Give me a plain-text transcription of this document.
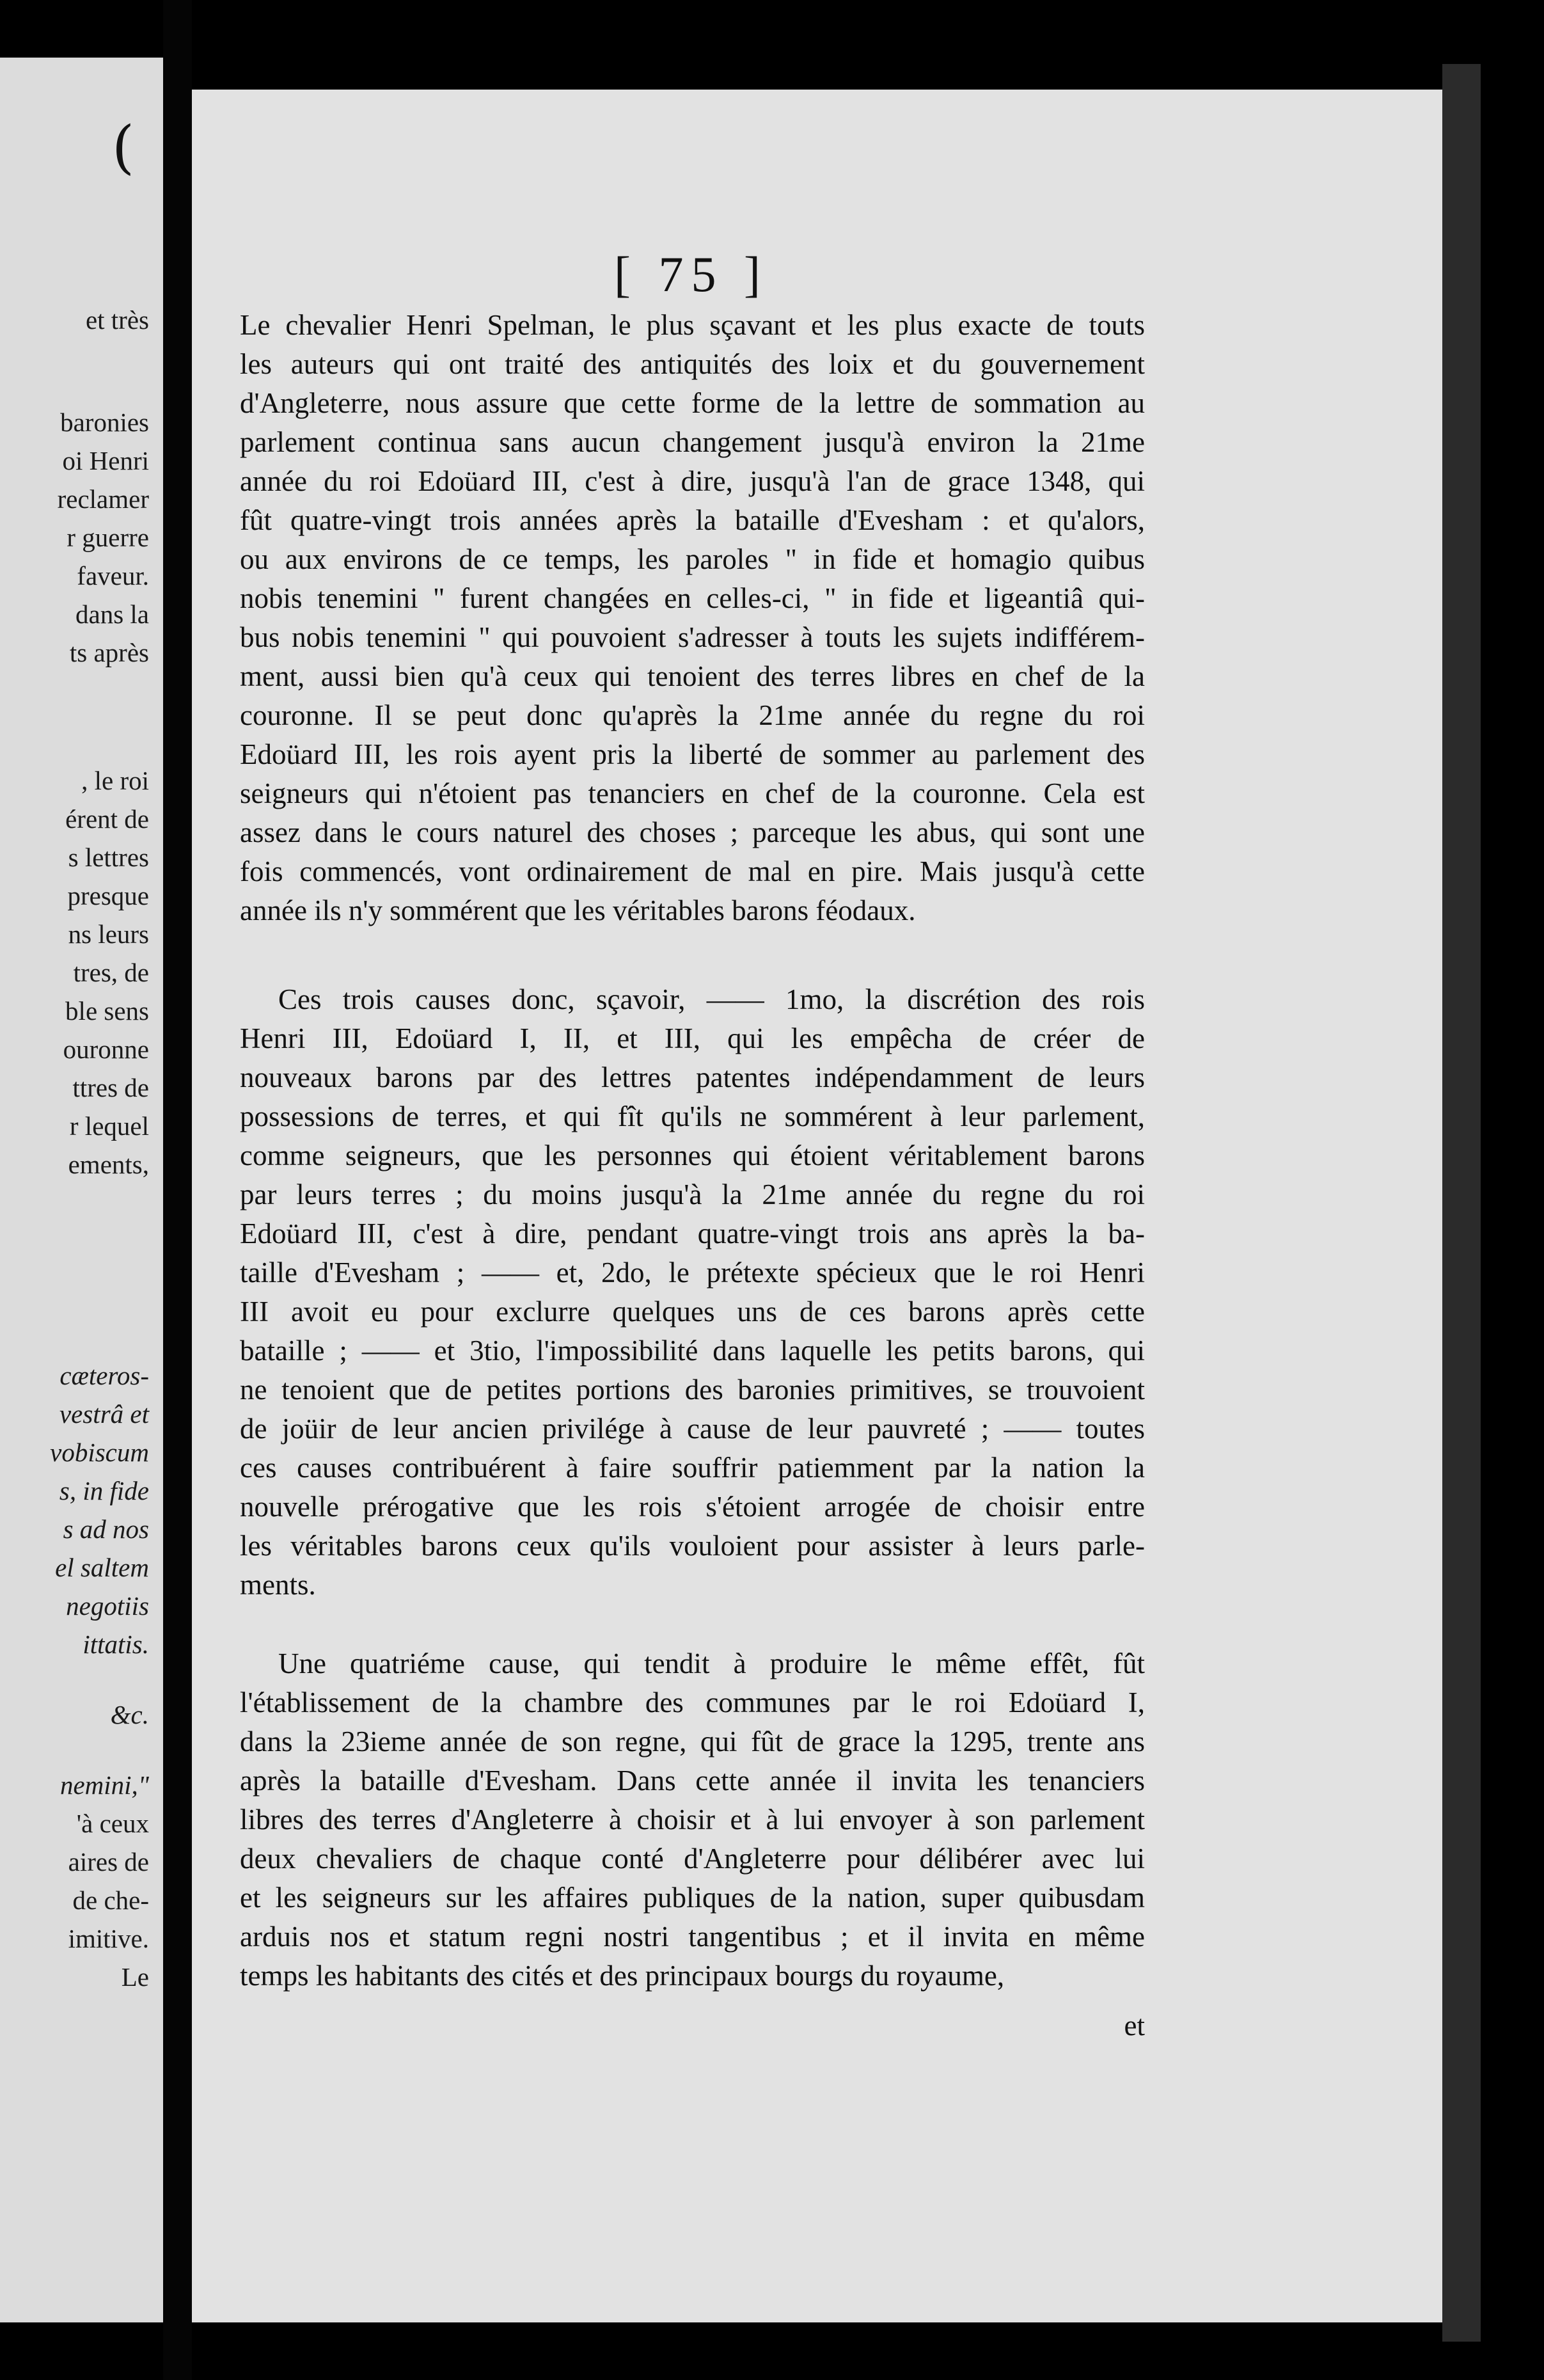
et très
baronies
oi Henri
reclamer
r guerre
faveur.
dans la
ts après
, le roi
érent de
s lettres
presque
ns leurs
tres, de
ble sens
ouronne
ttres de
r lequel
ements,
cæteros-
vestrâ et
vobiscum
s, in fide
s ad nos
el saltem
negotiis
ittatis.
&c.
nemini,"
'à ceux
aires de
de che-
imitive.
Le
(
[ 75 ]
Le chevalier Henri Spelman, le plus sçavant et les plus exacte de touts
les auteurs qui ont traité des antiquités des loix et du gouvernement
d'Angleterre, nous assure que cette forme de la lettre de sommation au
parlement continua sans aucun changement jusqu'à environ la 21me
année du roi Edoüard III, c'est à dire, jusqu'à l'an de grace 1348, qui
fût quatre-vingt trois années après la bataille d'Evesham : et qu'alors,
ou aux environs de ce temps, les paroles " in fide et homagio quibus
nobis tenemini " furent changées en celles-ci, " in fide et ligeantiâ qui-
bus nobis tenemini " qui pouvoient s'adresser à touts les sujets indifférem-
ment, aussi bien qu'à ceux qui tenoient des terres libres en chef de la
couronne. Il se peut donc qu'après la 21me année du regne du roi
Edoüard III, les rois ayent pris la liberté de sommer au parlement des
seigneurs qui n'étoient pas tenanciers en chef de la couronne. Cela est
assez dans le cours naturel des choses ; parceque les abus, qui sont une
fois commencés, vont ordinairement de mal en pire. Mais jusqu'à cette
année ils n'y sommérent que les véritables barons féodaux.
Ces trois causes donc, sçavoir, —— 1mo, la discrétion des rois
Henri III, Edoüard I, II, et III, qui les empêcha de créer de
nouveaux barons par des lettres patentes indépendamment de leurs
possessions de terres, et qui fît qu'ils ne sommérent à leur parlement,
comme seigneurs, que les personnes qui étoient véritablement barons
par leurs terres ; du moins jusqu'à la 21me année du regne du roi
Edoüard III, c'est à dire, pendant quatre-vingt trois ans après la ba-
taille d'Evesham ; —— et, 2do, le prétexte spécieux que le roi Henri
III avoit eu pour exclurre quelques uns de ces barons après cette
bataille ; —— et 3tio, l'impossibilité dans laquelle les petits barons, qui
ne tenoient que de petites portions des baronies primitives, se trouvoient
de joüir de leur ancien privilége à cause de leur pauvreté ; —— toutes
ces causes contribuérent à faire souffrir patiemment par la nation la
nouvelle prérogative que les rois s'étoient arrogée de choisir entre
les véritables barons ceux qu'ils vouloient pour assister à leurs parle-
ments.
Une quatriéme cause, qui tendit à produire le même effêt, fût
l'établissement de la chambre des communes par le roi Edoüard I,
dans la 23ieme année de son regne, qui fût de grace la 1295, trente ans
après la bataille d'Evesham. Dans cette année il invita les tenanciers
libres des terres d'Angleterre à choisir et à lui envoyer à son parlement
deux chevaliers de chaque conté d'Angleterre pour délibérer avec lui
et les seigneurs sur les affaires publiques de la nation, super quibusdam
arduis nos et statum regni nostri tangentibus ; et il invita en même
temps les habitants des cités et des principaux bourgs du royaume,
et
